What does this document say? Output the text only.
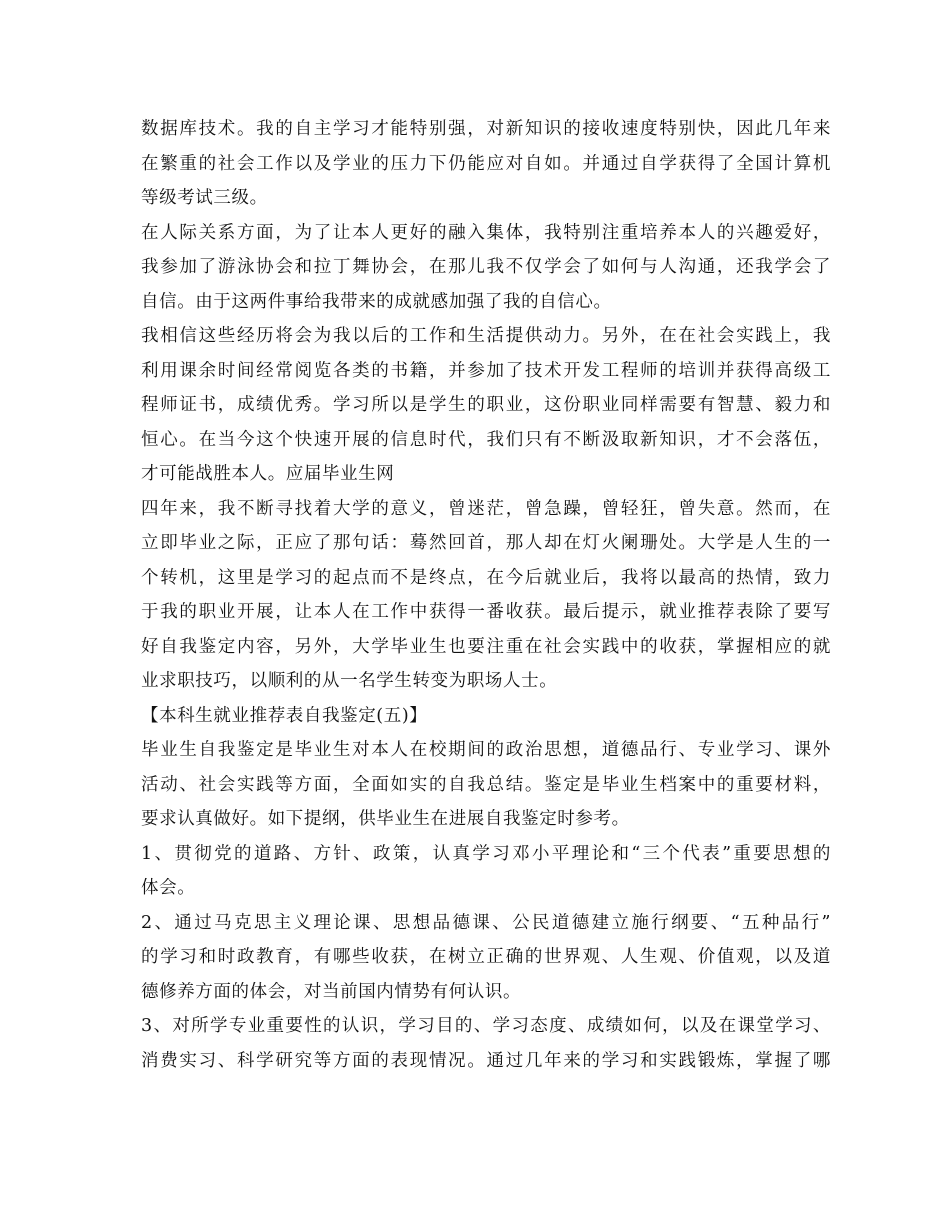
数据库技术。我的自主学习才能特别强，对新知识的接收速度特别快，因此几年来
在繁重的社会工作以及学业的压力下仍能应对自如。并通过自学获得了全国计算机
等级考试三级。
在人际关系方面，为了让本人更好的融入集体，我特别注重培养本人的兴趣爱好，
我参加了游泳协会和拉丁舞协会，在那儿我不仅学会了如何与人沟通，还我学会了
自信。由于这两件事给我带来的成就感加强了我的自信心。
我相信这些经历将会为我以后的工作和生活提供动力。另外，在在社会实践上，我
利用课余时间经常阅览各类的书籍，并参加了技术开发工程师的培训并获得高级工
程师证书，成绩优秀。学习所以是学生的职业，这份职业同样需要有智慧、毅力和
恒心。在当今这个快速开展的信息时代，我们只有不断汲取新知识，才不会落伍，
才可能战胜本人。应届毕业生网
四年来，我不断寻找着大学的意义，曾迷茫，曾急躁，曾轻狂，曾失意。然而，在
立即毕业之际，正应了那句话：蓦然回首，那人却在灯火阑珊处。大学是人生的一
个转机，这里是学习的起点而不是终点，在今后就业后，我将以最高的热情，致力
于我的职业开展，让本人在工作中获得一番收获。最后提示，就业推荐表除了要写
好自我鉴定内容，另外，大学毕业生也要注重在社会实践中的收获，掌握相应的就
业求职技巧，以顺利的从一名学生转变为职场人士。
【本科生就业推荐表自我鉴定(五)】
毕业生自我鉴定是毕业生对本人在校期间的政治思想，道德品行、专业学习、课外
活动、社会实践等方面，全面如实的自我总结。鉴定是毕业生档案中的重要材料，
要求认真做好。如下提纲，供毕业生在进展自我鉴定时参考。
1、贯彻党的道路、方针、政策，认真学习邓小平理论和“三个代表”重要思想的
体会。
2、通过马克思主义理论课、思想品德课、公民道德建立施行纲要、“五种品行”
的学习和时政教育，有哪些收获，在树立正确的世界观、人生观、价值观，以及道
德修养方面的体会，对当前国内情势有何认识。
3、对所学专业重要性的认识，学习目的、学习态度、成绩如何，以及在课堂学习、
消费实习、科学研究等方面的表现情况。通过几年来的学习和实践锻炼，掌握了哪
